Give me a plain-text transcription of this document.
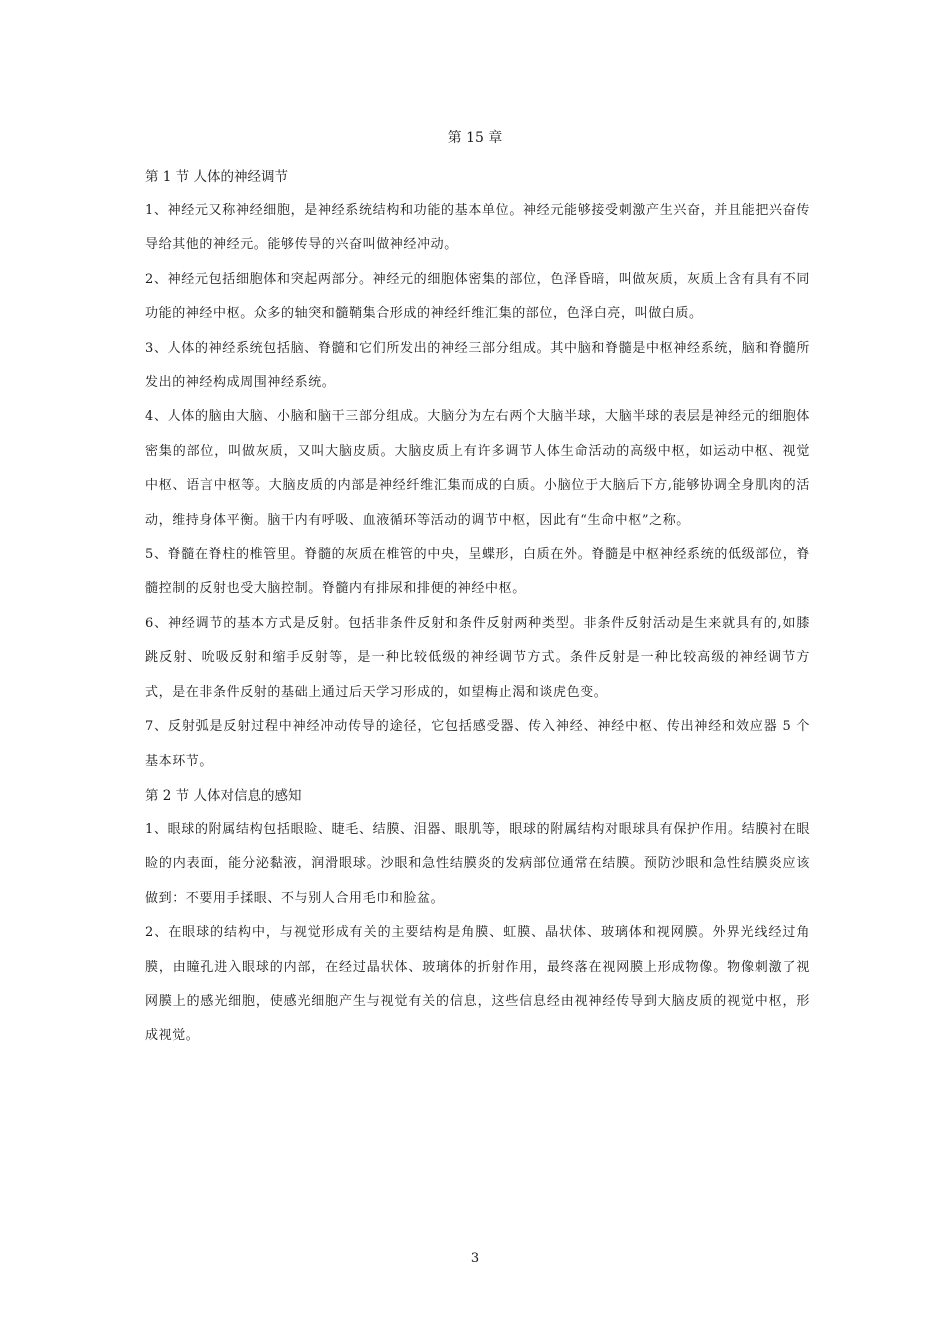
第 15 章
第 1 节 人体的神经调节

1、神经元又称神经细胞，是神经系统结构和功能的基本单位。神经元能够接受刺激产生兴奋，并且能把兴奋传导给其他的神经元。能够传导的兴奋叫做神经冲动。

2、神经元包括细胞体和突起两部分。神经元的细胞体密集的部位，色泽昏暗，叫做灰质，灰质上含有具有不同功能的神经中枢。众多的轴突和髓鞘集合形成的神经纤维汇集的部位，色泽白亮，叫做白质。

3、人体的神经系统包括脑、脊髓和它们所发出的神经三部分组成。其中脑和脊髓是中枢神经系统，脑和脊髓所发出的神经构成周围神经系统。

4、人体的脑由大脑、小脑和脑干三部分组成。大脑分为左右两个大脑半球，大脑半球的表层是神经元的细胞体密集的部位，叫做灰质，又叫大脑皮质。大脑皮质上有许多调节人体生命活动的高级中枢，如运动中枢、视觉中枢、语言中枢等。大脑皮质的内部是神经纤维汇集而成的白质。小脑位于大脑后下方,能够协调全身肌肉的活动，维持身体平衡。脑干内有呼吸、血液循环等活动的调节中枢，因此有“生命中枢”之称。

5、脊髓在脊柱的椎管里。脊髓的灰质在椎管的中央，呈蝶形，白质在外。脊髓是中枢神经系统的低级部位，脊髓控制的反射也受大脑控制。脊髓内有排尿和排便的神经中枢。

6、神经调节的基本方式是反射。包括非条件反射和条件反射两种类型。非条件反射活动是生来就具有的,如膝跳反射、吮吸反射和缩手反射等，是一种比较低级的神经调节方式。条件反射是一种比较高级的神经调节方式，是在非条件反射的基础上通过后天学习形成的，如望梅止渴和谈虎色变。

7、反射弧是反射过程中神经冲动传导的途径，它包括感受器、传入神经、神经中枢、传出神经和效应器 5 个基本环节。

第 2 节 人体对信息的感知

1、眼球的附属结构包括眼睑、睫毛、结膜、泪器、眼肌等，眼球的附属结构对眼球具有保护作用。结膜衬在眼睑的内表面，能分泌黏液，润滑眼球。沙眼和急性结膜炎的发病部位通常在结膜。预防沙眼和急性结膜炎应该做到：不要用手揉眼、不与别人合用毛巾和脸盆。

2、在眼球的结构中，与视觉形成有关的主要结构是角膜、虹膜、晶状体、玻璃体和视网膜。外界光线经过角膜，由瞳孔进入眼球的内部，在经过晶状体、玻璃体的折射作用，最终落在视网膜上形成物像。物像刺激了视网膜上的感光细胞，使感光细胞产生与视觉有关的信息，这些信息经由视神经传导到大脑皮质的视觉中枢，形成视觉。

3
